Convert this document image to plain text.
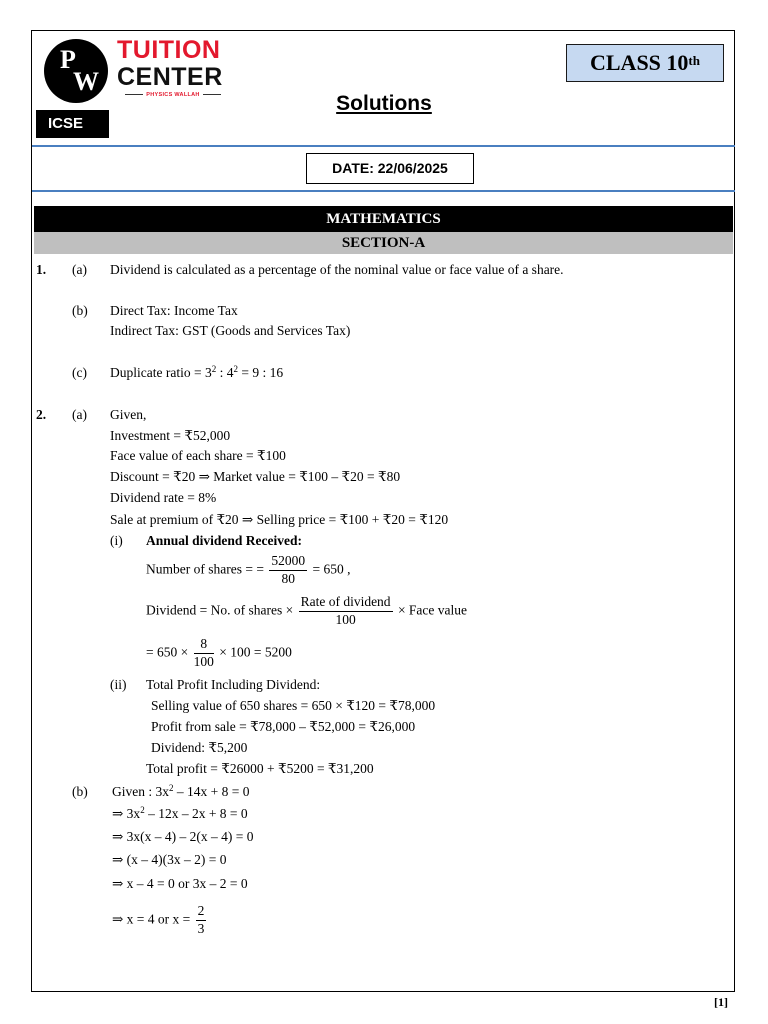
P
W
TUITION
CENTER
PHYSICS WALLAH
ICSE
CLASS 10th
Solutions
DATE: 22/06/2025
MATHEMATICS
SECTION-A
1. (a) Dividend is calculated as a percentage of the nominal value or face value of a share.
(b) Direct Tax: Income Tax
Indirect Tax: GST (Goods and Services Tax)
(c) Duplicate ratio = $3^2$ : $4^2 = 9$ : 16
2. (a) Given,
Investment = ₹52,000
Face value of each share = ₹100
Discount = ₹20 ⇒ Market value = ₹100 – ₹20 = ₹80
Dividend rate = 8%
Sale at premium of ₹20 ⇒ Selling price = ₹100 + ₹20 = ₹120
(i) Annual dividend Received:
Number of shares = = $\frac{52000}{80} = 650$ ,
Dividend = No. of shares × $\frac{\text{Rate of dividend}}{100}$ × Face value
= $650 \times \frac{8}{100} \times 100 = 5200$
(ii) Total Profit Including Dividend:
Selling value of 650 shares = 650 × ₹120 = ₹78,000
Profit from sale = ₹78,000 – ₹52,000 = ₹26,000
Dividend: ₹5,200
Total profit = ₹26000 + ₹5200 = ₹31,200
(b) Given : $3x^2 - 14x + 8 = 0$
⇒ $3x^2 - 12x - 2x + 8 = 0$
⇒ 3x(x – 4) – 2(x – 4) = 0
⇒ (x – 4)(3x – 2) = 0
⇒ x – 4 = 0 or 3x – 2 = 0
⇒ x = 4 or $x = \frac{2}{3}$
[1]
